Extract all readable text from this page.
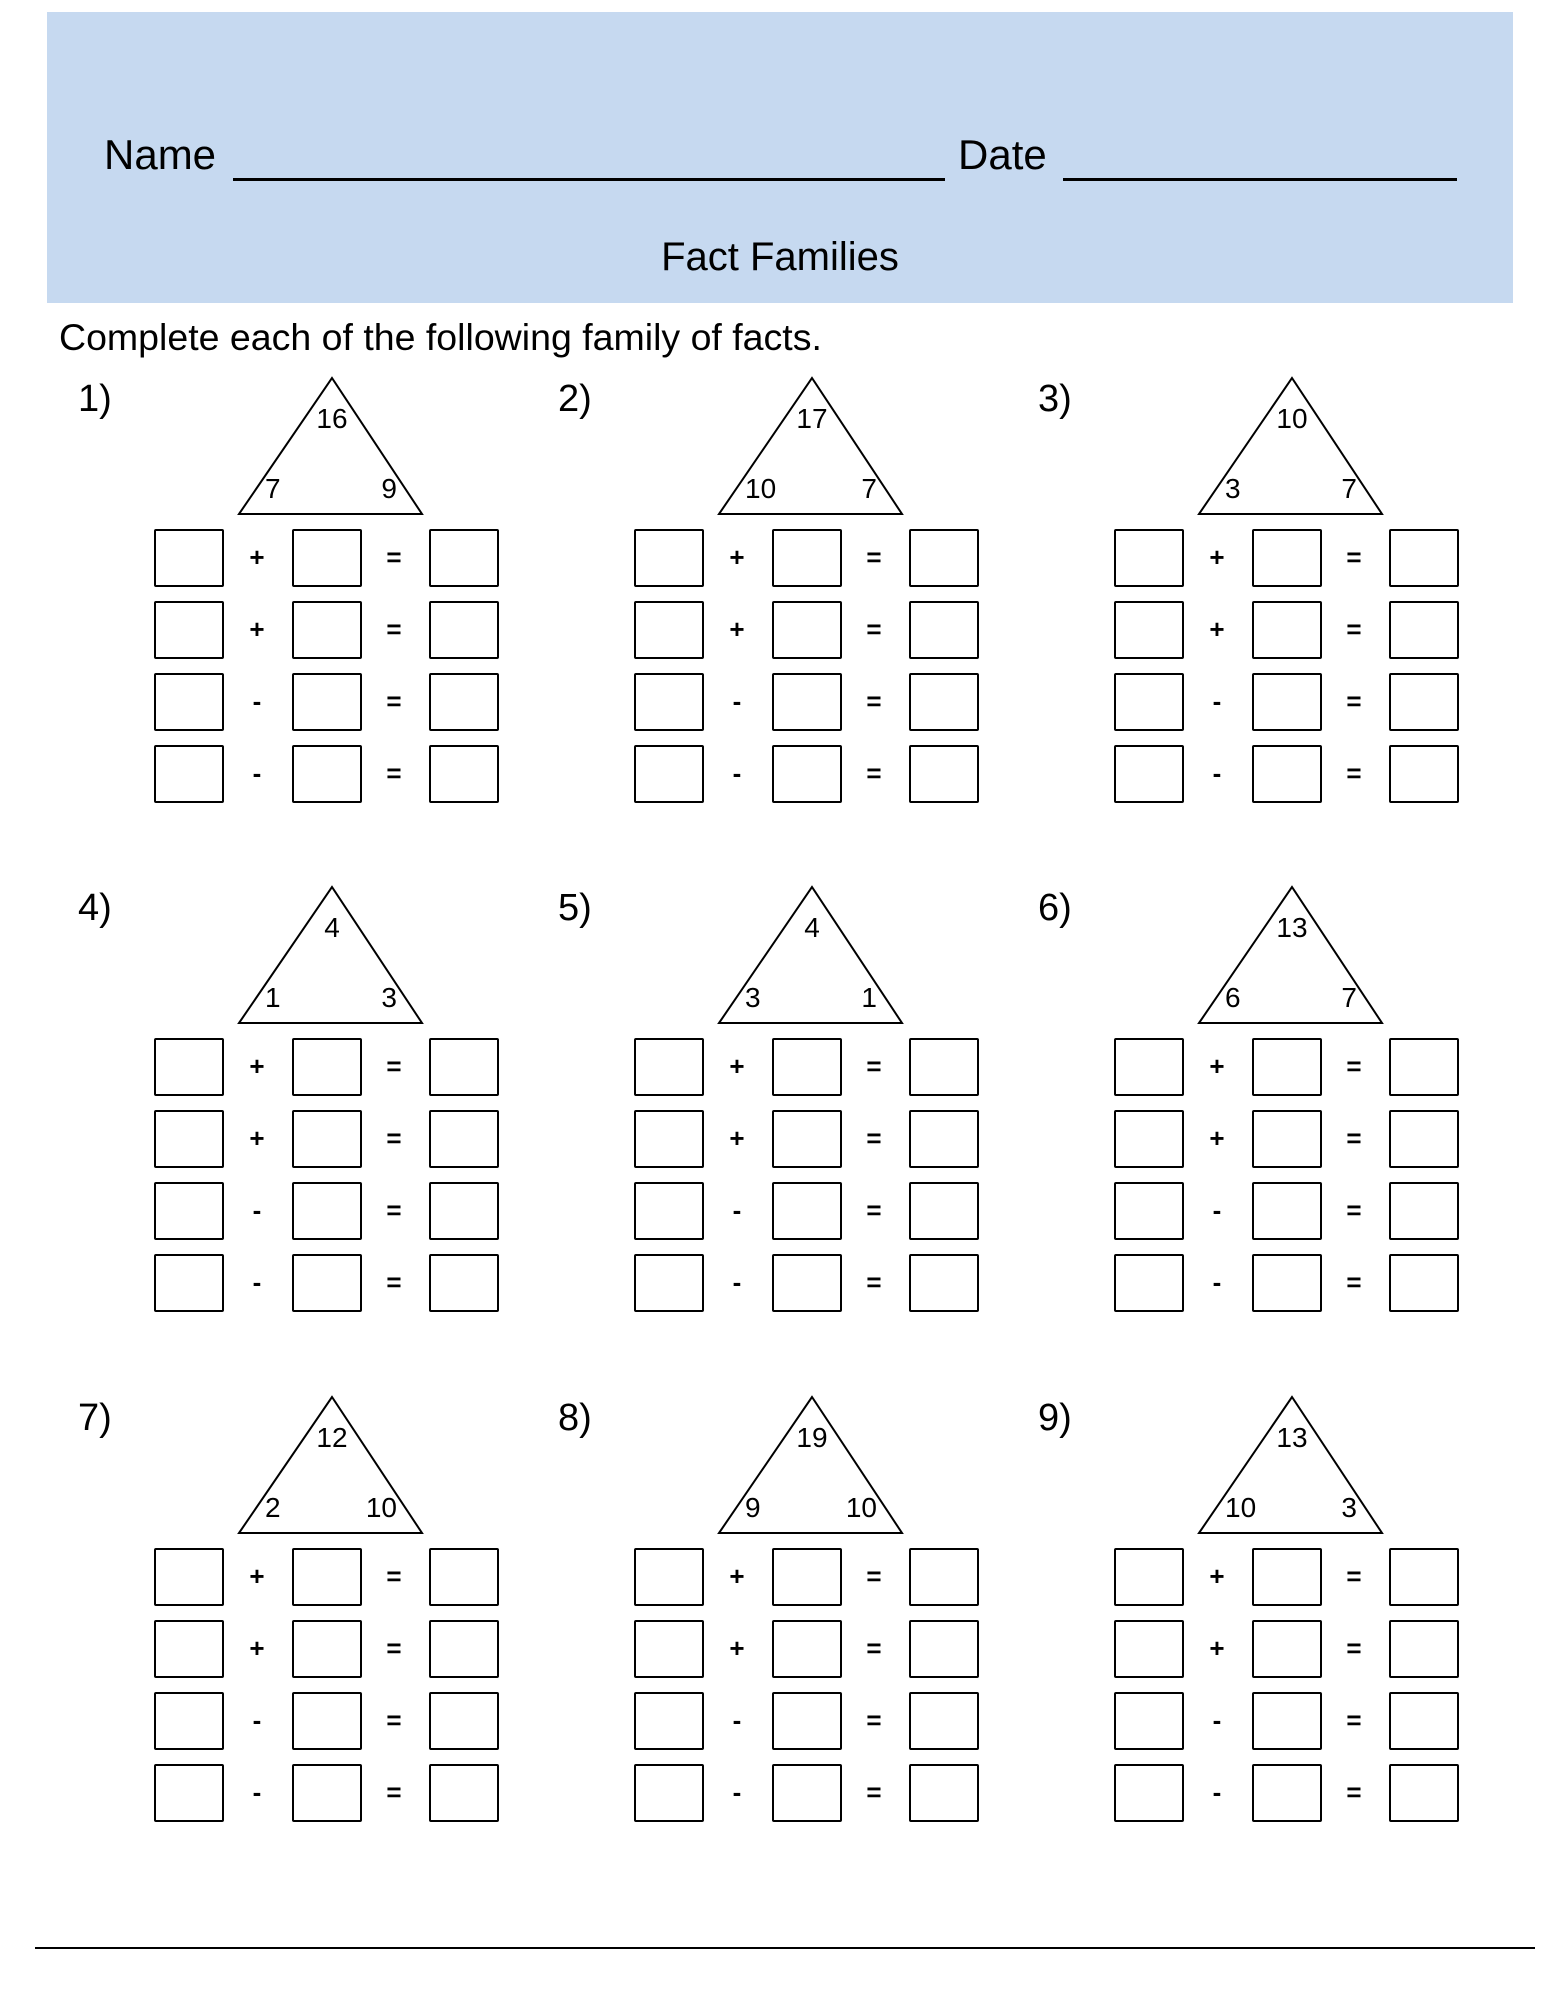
Name	Date
Fact Families
Complete each of the following family of facts.
1)	16
7	9
+	=
+	=
-	=
-	=
2)	17
10	7
+	=
+	=
-	=
-	=
3)	10
3	7
+	=
+	=
-	=
-	=
4)	4
1	3
+	=
+	=
-	=
-	=
5)	4
3	1
+	=
+	=
-	=
-	=
6)	13
6	7
+	=
+	=
-	=
-	=
7)	12
2	10
+	=
+	=
-	=
-	=
8)	19
9	10
+	=
+	=
-	=
-	=
9)	13
10	3
+	=
+	=
-	=
-	=
